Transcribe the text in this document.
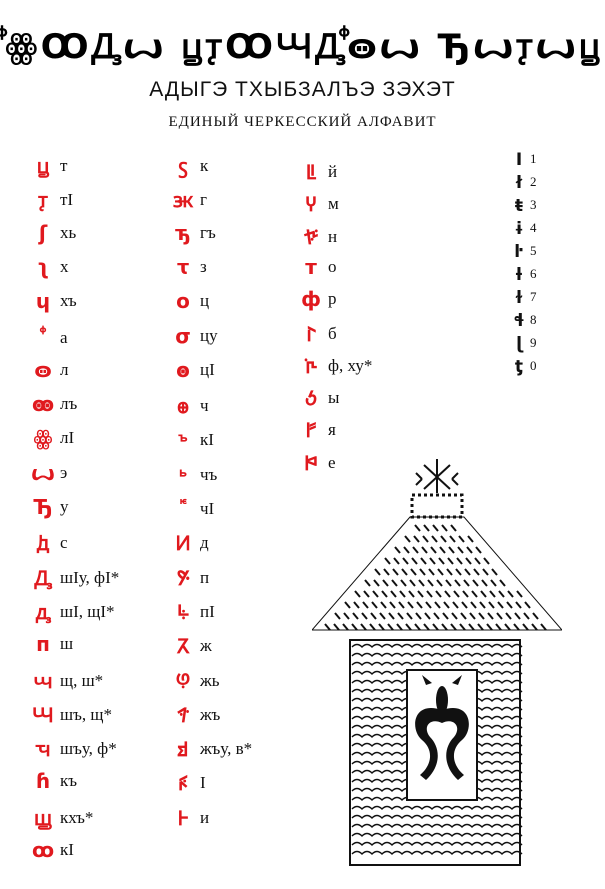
ꚞꙮꚘꚈꙍ ꚏꚑꚘꚆꚈꚞꙫꙍ Ꚋꙍꚑꙍꚏ
АДЫГЭ ТХЫБЗАЛЪЭ ЗЭХЭТ
ЕДИНЫЙ ЧЕРКЕССКИЙ АЛФАВИТ
ꚏ т
ꚑ тI
ʃ хь
ʅ х
ɥ хъ
а
ꙫ л
ꙭ лъ
ꙮ лI
ꙍ э
Ꚋ у
ꚁ с
Ꚉ шIу, фI*
ꚉ шI, щI*
п ш
ꚇ щ, ш*
Ꚇ шъ, щ*
ꚓ шъу, ф*
ꚕ къ
ꚗ кхъ*
ꚙ кI
ꚃ к
ꚅ г
ꚋ гъ
ꚍ з
о ц
σ цу
ꙩ цI
ꚛ ч
ꚜ кI
ꚝ чъ
чI
ꚡ д
ꚣ п
ꚥ пI
ꚧ ж
ꚩ жь
ꚫ жъ
ꚭ жъу, в*
ꚯ I
ꚱ и
ꚳ й
ꚵ м
ꚷ н
т о
ф р
ꚹ б
ꚻ ф, ху*
ꚽ ы
ꛂ я
ꛄ е
Ⅰ 1
ł 2
ŧ 3
ɨ 4
ŀ 5
ƚ 6
ɫ 7
ɬ 8
ɭ 9
ƫ 0
